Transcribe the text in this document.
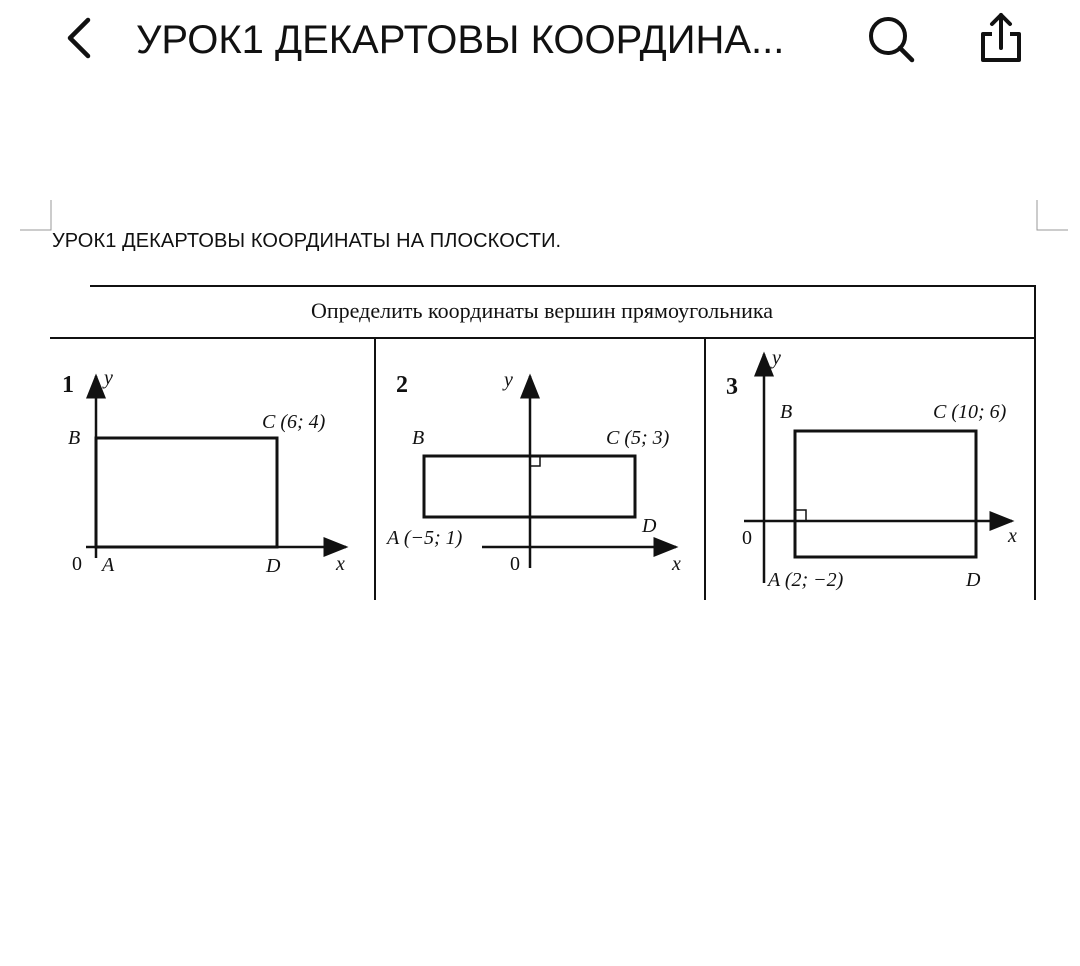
УРОК1 ДЕКАРТОВЫ КООРДИНА...
УРОК1 ДЕКАРТОВЫ КООРДИНАТЫ НА ПЛОСКОСТИ.
Определить координаты вершин прямоугольника
1 y
x
0 A
B
C (6; 4)
D
2	y
x
0
A (−5; 1)
B	C (5; 3)
D
3
y
x
0
A (2; −2)
B	C (10; 6)
D
